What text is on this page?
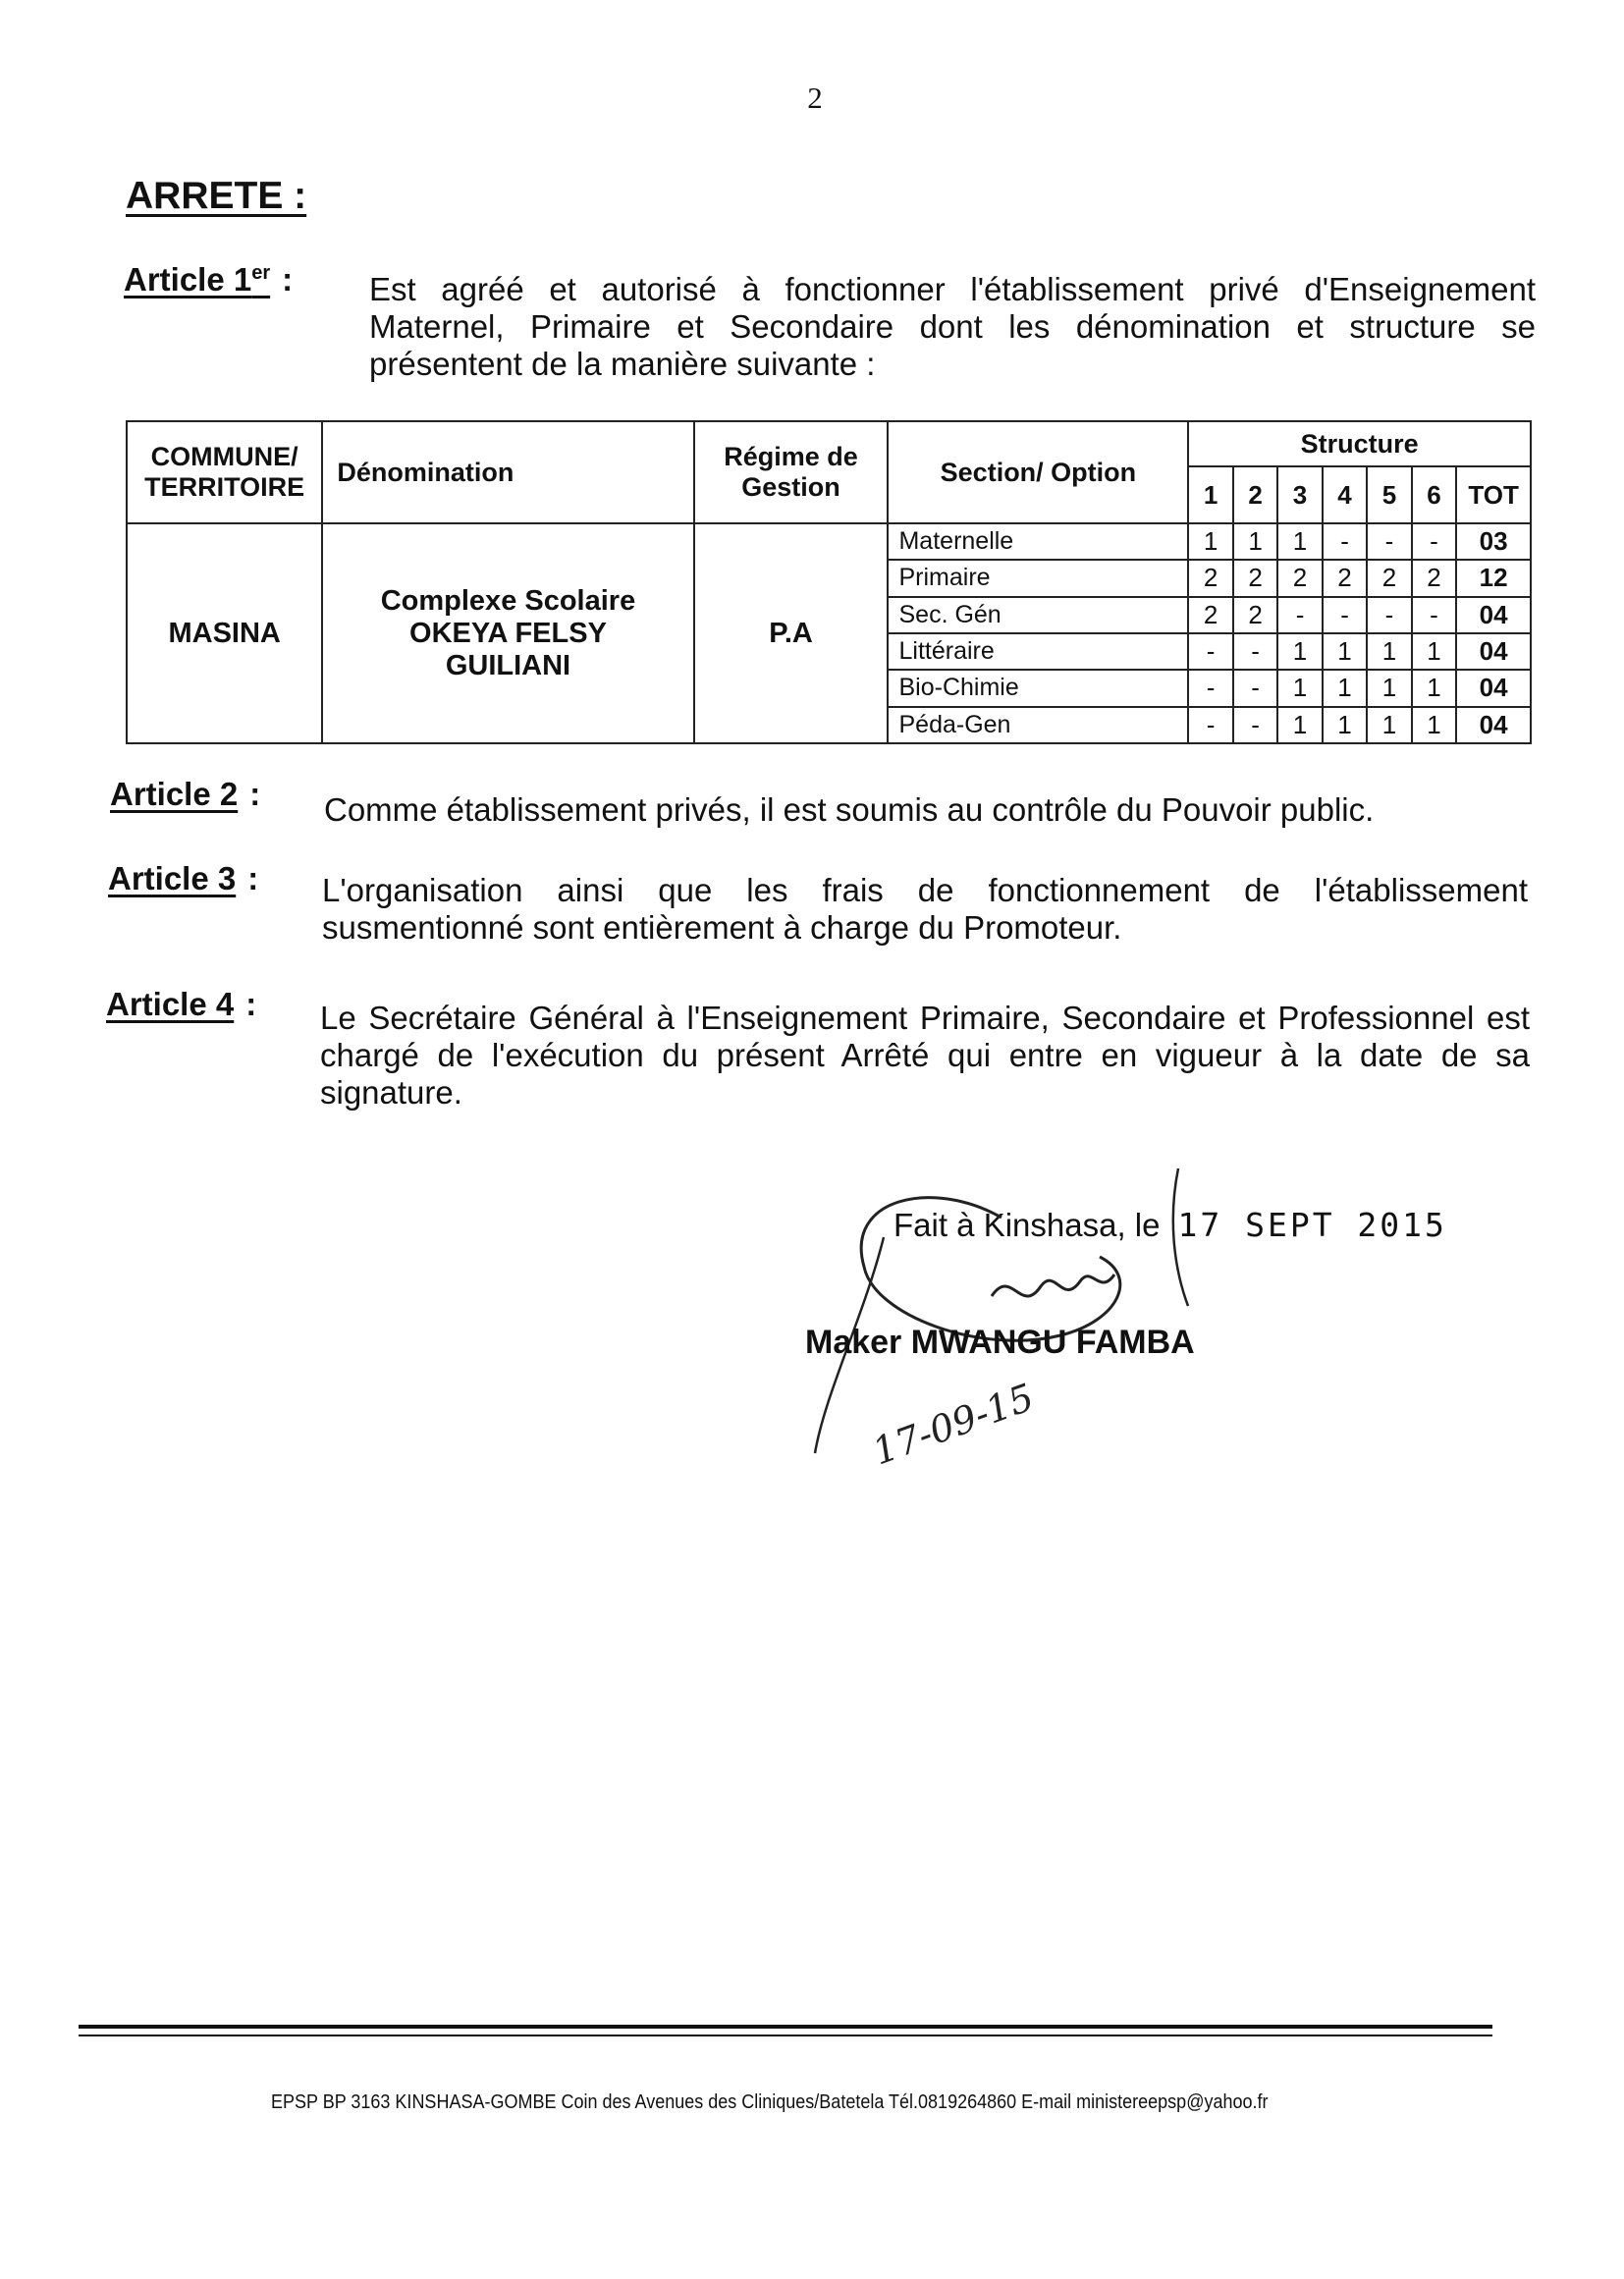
2
ARRETE :
Article 1er : Est agréé et autorisé à fonctionner l'établissement privé d'Enseignement Maternel, Primaire et Secondaire dont les dénomination et structure se présentent de la manière suivante :
COMMUNE/ TERRITOIRE	Dénomination	Régime de Gestion	Section/ Option	Structure						
				1	2	3	4	5	6	TOT
MASINA	Complexe Scolaire OKEYA FELSY GUILIANI	P.A	Maternelle	1	1	1	-	-	-	03
			Primaire	2	2	2	2	2	2	12
			Sec. Gén	2	2	-	-	-	-	04
			Littéraire	-	-	1	1	1	1	04
			Bio-Chimie	-	-	1	1	1	1	04
			Péda-Gen	-	-	1	1	1	1	04
Article 2 : Comme établissement privés, il est soumis au contrôle du Pouvoir public.
Article 3 : L'organisation ainsi que les frais de fonctionnement de l'établissement susmentionné sont entièrement à charge du Promoteur.
Article 4 : Le Secrétaire Général à l'Enseignement Primaire, Secondaire et Professionnel est chargé de l'exécution du présent Arrêté qui entre en vigueur à la date de sa signature.
Fait à Kinshasa, le 17 SEPT 2015
17-09-15
Maker MWANGU FAMBA
EPSP BP 3163 KINSHASA-GOMBE Coin des Avenues des Cliniques/Batetela Tél.0819264860 E-mail ministereepsp@yahoo.fr
